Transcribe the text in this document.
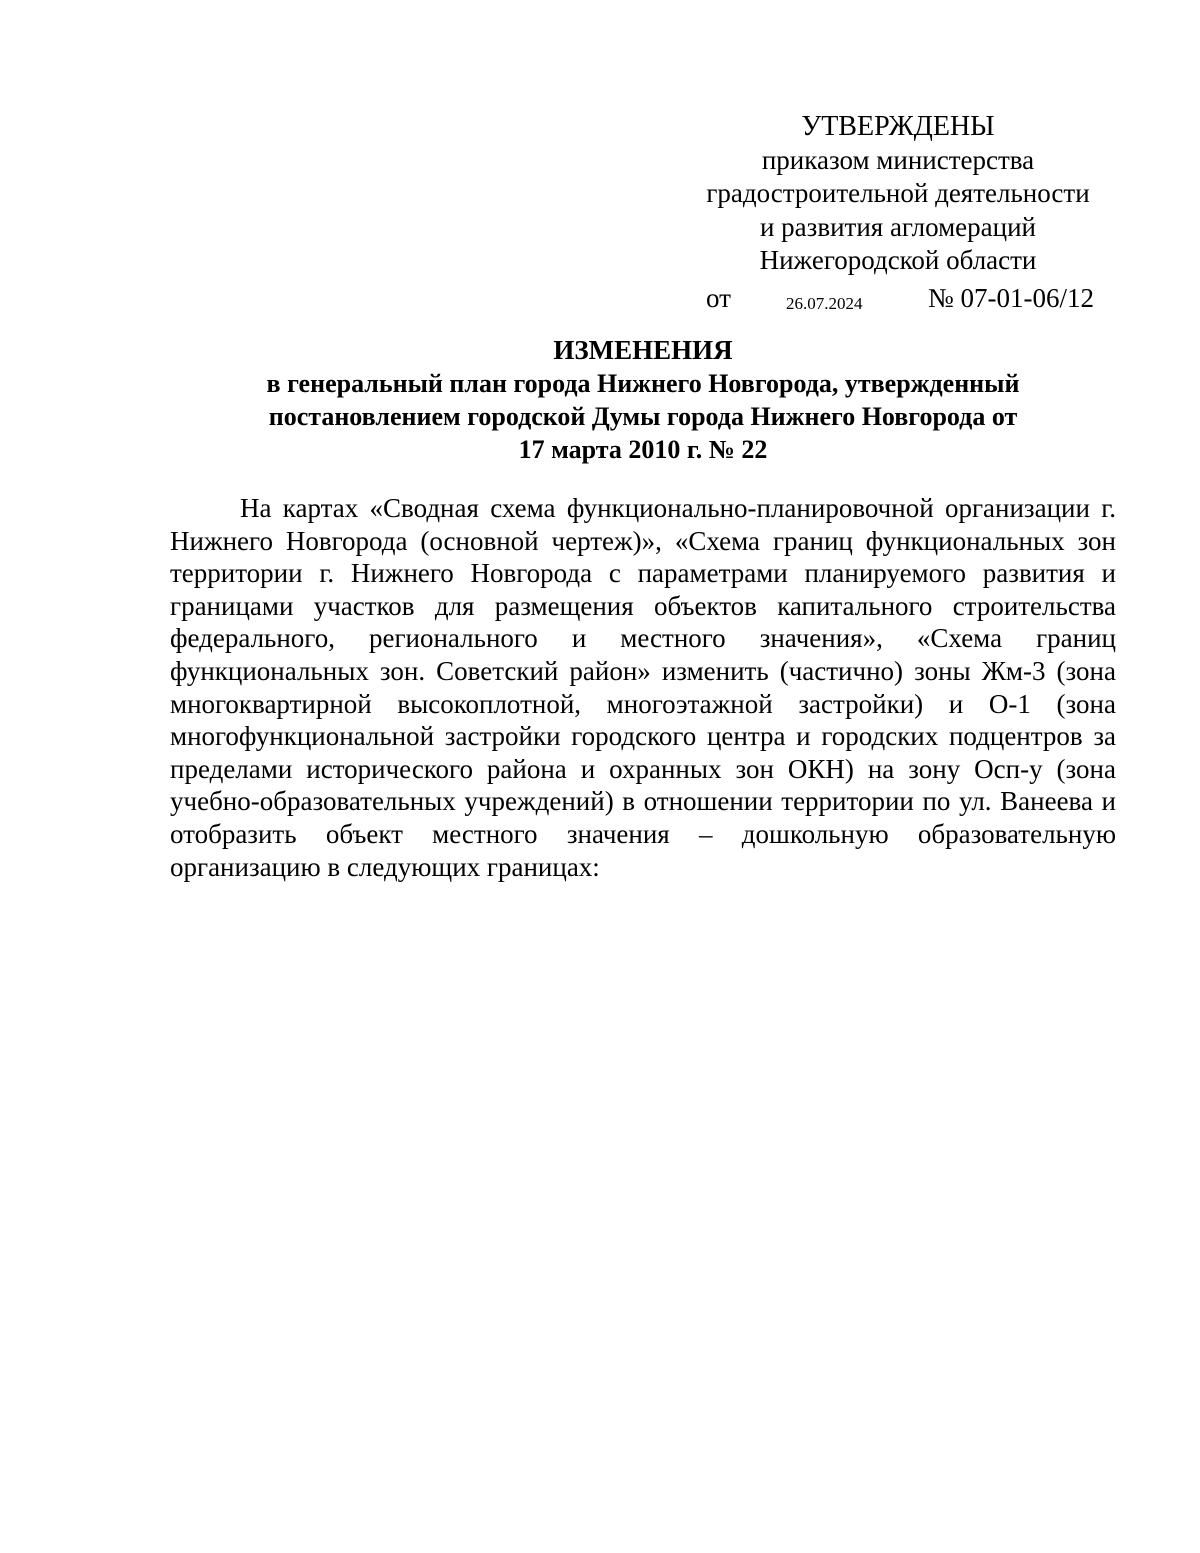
УТВЕРЖДЕНЫ
приказом министерства
градостроительной деятельности
и развития агломераций
Нижегородской области
от	26.07.2024 № 07-01-06/12
ИЗМЕНЕНИЯ
в генеральный план города Нижнего Новгорода, утвержденный
постановлением городской Думы города Нижнего Новгорода от
17 марта 2010 г. № 22

На картах «Сводная схема функционально-планировочной организации г. Нижнего Новгорода (основной чертеж)», «Схема границ функциональных зон территории г. Нижнего Новгорода с параметрами планируемого развития и границами участков для размещения объектов капитального строительства федерального, регионального и местного значения», «Схема границ функциональных зон. Советский район» изменить (частично) зоны Жм-3 (зона многоквартирной высокоплотной, многоэтажной застройки) и О-1 (зона многофункциональной застройки городского центра и городских подцентров за пределами исторического района и охранных зон ОКН) на зону Осп-у (зона учебно-образовательных учреждений) в отношении территории по ул. Ванеева и отобразить объект местного значения – дошкольную образовательную организацию в следующих границах:
